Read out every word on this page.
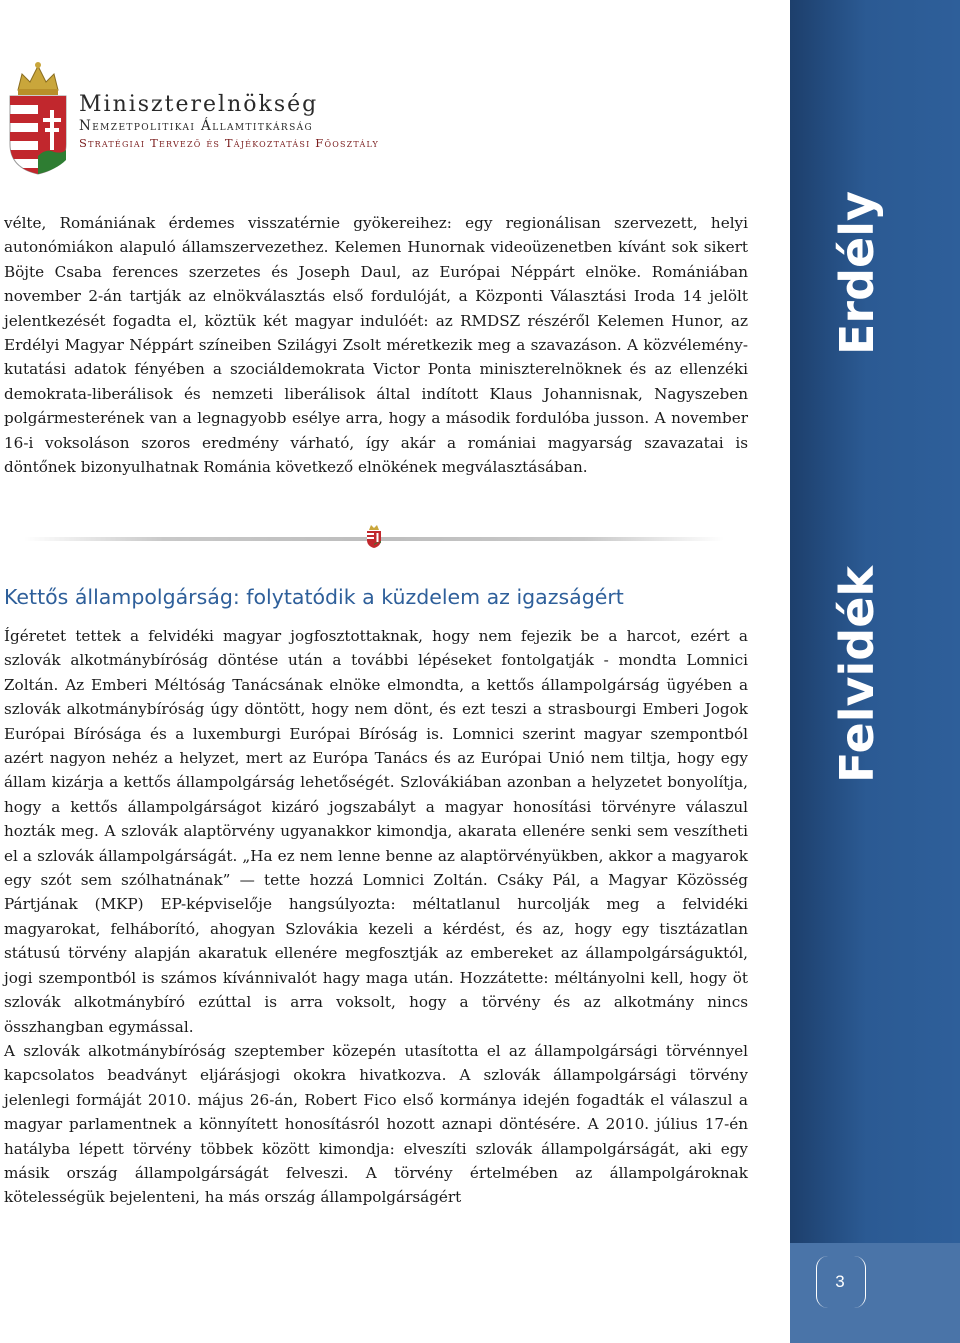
Miniszterelnökség
Nemzetpolitikai Államtitkárság
Stratégiai Tervező és Tájékoztatási Főosztály
Erdély
Felvidék
3

vélte, Romániának érdemes visszatérnie gyökereihez: egy regionálisan szervezett, helyi autonómiákon alapuló államszervezethez. Kelemen Hunornak videoüzenetben kívánt sok sikert Böjte Csaba ferences szerzetes és Joseph Daul, az Európai Néppárt elnöke. Romániában november 2-án tartják az elnökválasztás első fordulóját, a Központi Választási Iroda 14 jelölt jelentkezését fogadta el, köztük két magyar indulóét: az RMDSZ részéről Kelemen Hunor, az Erdélyi Magyar Néppárt színeiben Szilágyi Zsolt méretkezik meg a szavazáson. A közvélemény-kutatási adatok fényében a szociáldemokrata Victor Ponta miniszterelnöknek és az ellenzéki demokrata-liberálisok és nemzeti liberálisok által indított Klaus Johannisnak, Nagyszeben polgármesterének van a legnagyobb esélye arra, hogy a második fordulóba jusson. A november 16-i voksoláson szoros eredmény várható, így akár a romániai magyarság szavazatai is döntőnek bizonyulhatnak Románia következő elnökének megválasztásában.

Kettős állampolgárság: folytatódik a küzdelem az igazságért

Ígéretet tettek a felvidéki magyar jogfosztottaknak, hogy nem fejezik be a harcot, ezért a szlovák alkotmánybíróság döntése után a további lépéseket fontolgatják - mondta Lomnici Zoltán. Az Emberi Méltóság Tanácsának elnöke elmondta, a kettős állampolgárság ügyében a szlovák alkotmánybíróság úgy döntött, hogy nem dönt, és ezt teszi a strasbourgi Emberi Jogok Európai Bírósága és a luxemburgi Európai Bíróság is. Lomnici szerint magyar szempontból azért nagyon nehéz a helyzet, mert az Európa Tanács és az Európai Unió nem tiltja, hogy egy állam kizárja a kettős állampolgárság lehetőségét. Szlovákiában azonban a helyzetet bonyolítja, hogy a kettős állampolgárságot kizáró jogszabályt a magyar honosítási törvényre válaszul hozták meg. A szlovák alaptörvény ugyanakkor kimondja, akarata ellenére senki sem veszítheti el a szlovák állampolgárságát. „Ha ez nem lenne benne az alaptörvényükben, akkor a magyarok egy szót sem szólhatnának” — tette hozzá Lomnici Zoltán. Csáky Pál, a Magyar Közösség Pártjának (MKP) EP-képviselője hangsúlyozta: méltatlanul hurcolják meg a felvidéki magyarokat, felháborító, ahogyan Szlovákia kezeli a kérdést, és az, hogy egy tisztázatlan státusú törvény alapján akaratuk ellenére megfosztják az embereket az állampolgárságuktól, jogi szempontból is számos kívánnivalót hagy maga után. Hozzátette: méltányolni kell, hogy öt szlovák alkotmánybíró ezúttal is arra voksolt, hogy a törvény és az alkotmány nincs összhangban egymással.

A szlovák alkotmánybíróság szeptember közepén utasította el az állampolgársági törvénnyel kapcsolatos beadványt eljárásjogi okokra hivatkozva. A szlovák állampolgársági törvény jelenlegi formáját 2010. május 26-án, Robert Fico első kormánya idején fogadták el válaszul a magyar parlamentnek a könnyített honosításról hozott aznapi döntésére. A 2010. július 17-én hatályba lépett törvény többek között kimondja: elveszíti szlovák állampolgárságát, aki egy másik ország állampolgárságát felveszi. A törvény értelmében az állampolgároknak kötelességük bejelenteni, ha más ország állampolgárságért
